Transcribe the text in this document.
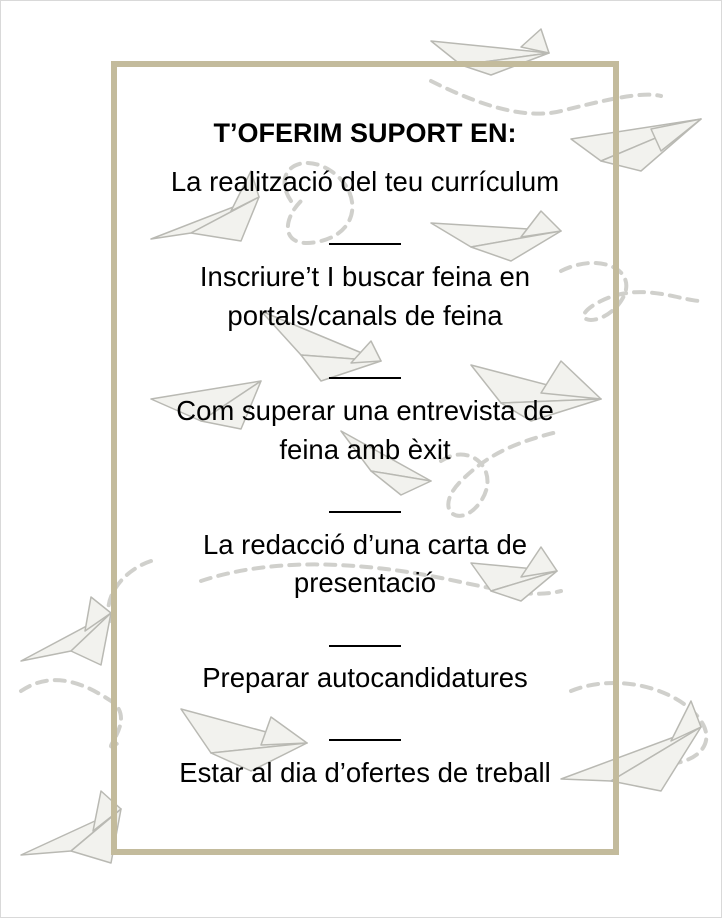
T’OFERIM SUPORT EN:
La realització del teu currículum
Inscriure’t I buscar feina en
portals/canals de feina
Com superar una entrevista de
feina amb èxit
La redacció d’una carta de
presentació
Preparar autocandidatures
Estar al dia d’ofertes de treball
